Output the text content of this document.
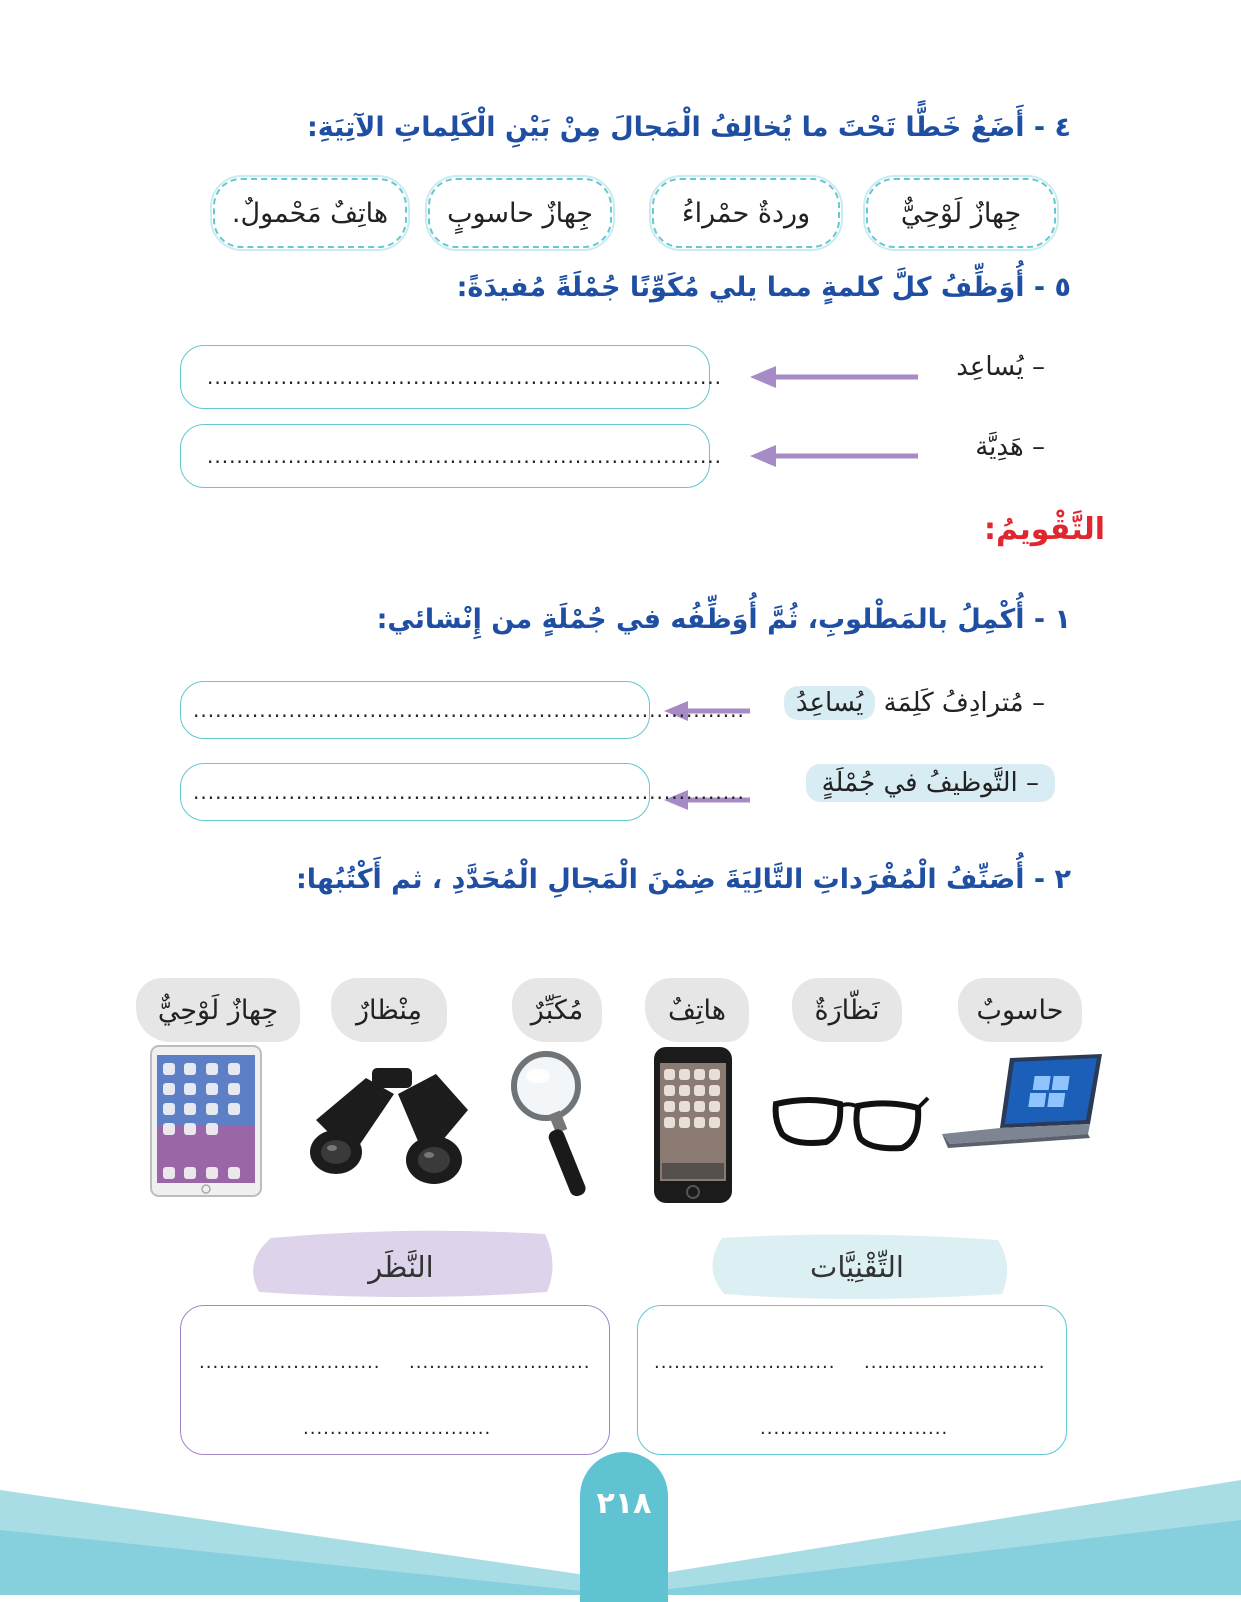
٤ - أَضَعُ خَطًّا تَحْتَ ما يُخالِفُ الْمَجالَ مِنْ بَيْنِ الْكَلِماتِ الآتِيَةِ:
جِهازٌ لَوْحِيٌّ
وردةٌ حمْراءُ
جِهازٌ حاسوبٍ
هاتِفٌ مَحْمولٌ.
٥ - أُوَظِّفُ كلَّ كلمةٍ مما يلي مُكَوِّنًا جُمْلَةً مُفيدَةً:
– يُساعِد
......................................................................
– هَدِيَّة
......................................................................
التَّقْويمُ:
١ - أُكْمِلُ بالمَطْلوبِ، ثُمَّ أُوَظِّفُه في جُمْلَةٍ من إِنْشائي:
– مُترادِفُ كَلِمَة يُساعِدُ
...........................................................................
– التَّوظيفُ في جُمْلَةٍ
...........................................................................
٢ - أُصَنِّفُ الْمُفْرَداتِ التَّالِيَةَ ضِمْنَ الْمَجالِ الْمُحَدَّدِ ، ثم أَكْتُبُها:
حاسوبٌ
نَظّارَةٌ
هاتِفٌ
مُكَبِّرٌ
مِنْظارٌ
جِهازٌ لَوْحِيٌّ
التِّقْنِيَّات
النَّظَر
...........................
...........................
............................
...........................
...........................
............................
٢١٨
